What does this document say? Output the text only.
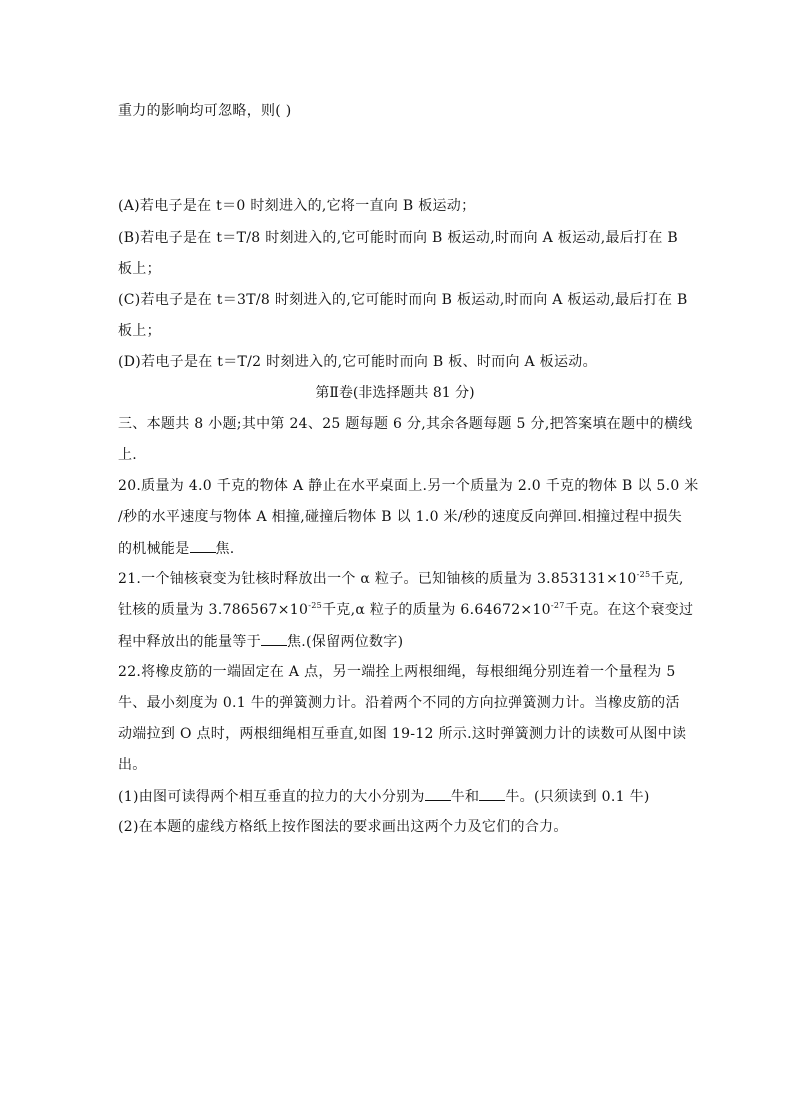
重力的影响均可忽略，则( )
(A)若电子是在 t＝0 时刻进入的,它将一直向 B 板运动；
(B)若电子是在 t＝T/8 时刻进入的,它可能时而向 B 板运动,时而向 A 板运动,最后打在 B
板上；
(C)若电子是在 t＝3T/8 时刻进入的,它可能时而向 B 板运动,时而向 A 板运动,最后打在 B
板上；
(D)若电子是在 t＝T/2 时刻进入的,它可能时而向 B 板、时而向 A 板运动。
第Ⅱ卷(非选择题共 81 分)
三、本题共 8 小题;其中第 24、25 题每题 6 分,其余各题每题 5 分,把答案填在题中的横线
上.
20.质量为 4.0 千克的物体 A 静止在水平桌面上.另一个质量为 2.0 千克的物体 B 以 5.0 米
/秒的水平速度与物体 A 相撞,碰撞后物体 B 以 1.0 米/秒的速度反向弹回.相撞过程中损失
的机械能是 焦.
21.一个铀核衰变为钍核时释放出一个 α 粒子。已知铀核的质量为 $3.853131\times 10^{-25}$千克,
钍核的质量为 $3.786567\times 10^{-25}$千克,α 粒子的质量为 $6.64672\times 10^{-27}$千克。在这个衰变过
程中释放出的能量等于 焦.(保留两位数字)
22.将橡皮筋的一端固定在 A 点，另一端拴上两根细绳，每根细绳分别连着一个量程为 5
牛、最小刻度为 0.1 牛的弹簧测力计。沿着两个不同的方向拉弹簧测力计。当橡皮筋的活
动端拉到 O 点时，两根细绳相互垂直,如图 19-12 所示.这时弹簧测力计的读数可从图中读
出。
(1)由图可读得两个相互垂直的拉力的大小分别为 牛和 牛。(只须读到 0.1 牛)
(2)在本题的虚线方格纸上按作图法的要求画出这两个力及它们的合力。
